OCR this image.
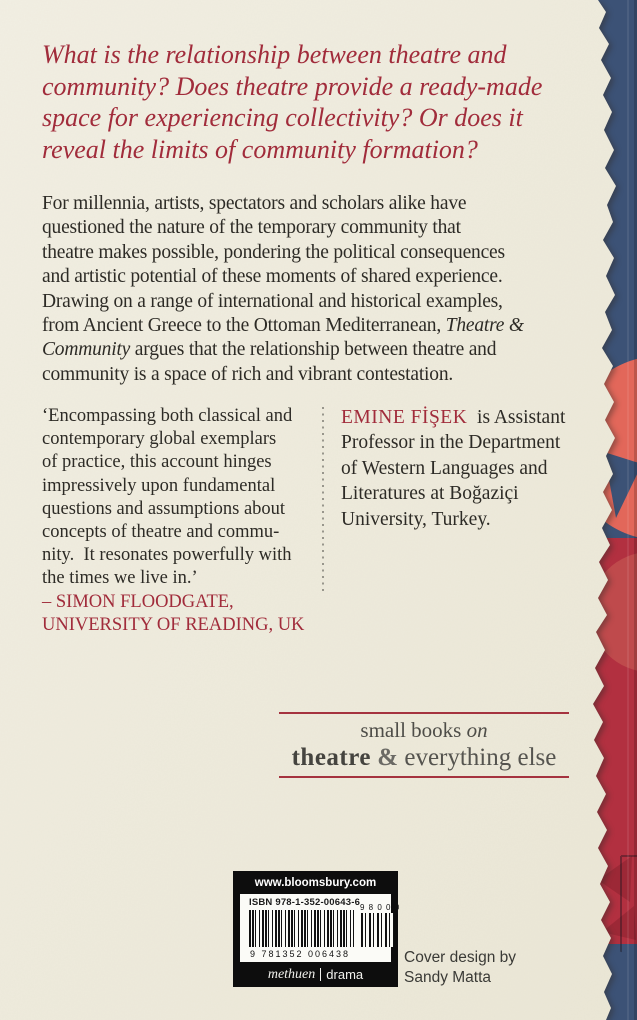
What is the relationship between theatre and
community? Does theatre provide a ready-made
space for experiencing collectivity? Or does it
reveal the limits of community formation?
For millennia, artists, spectators and scholars alike have
questioned the nature of the temporary community that
theatre makes possible, pondering the political consequences
and artistic potential of these moments of shared experience.
Drawing on a range of international and historical examples,
from Ancient Greece to the Ottoman Mediterranean, Theatre &
Community argues that the relationship between theatre and
community is a space of rich and vibrant contestation.
‘Encompassing both classical and
contemporary global exemplars
of practice, this account hinges
impressively upon fundamental
questions and assumptions about
concepts of theatre and commu-
nity.  It resonates powerfully with
the times we live in.’
– SIMON FLOODGATE,
UNIVERSITY OF READING, UK
EMINE FİŞEK  is Assistant
Professor in the Department
of Western Languages and
Literatures at Boğaziçi
University, Turkey.
small books on
theatre & everything else
www.bloomsbury.com
ISBN 978-1-352-00643-6 9 8 0 0 0
9 781352 006438
methuen drama
Cover design by
Sandy Matta
